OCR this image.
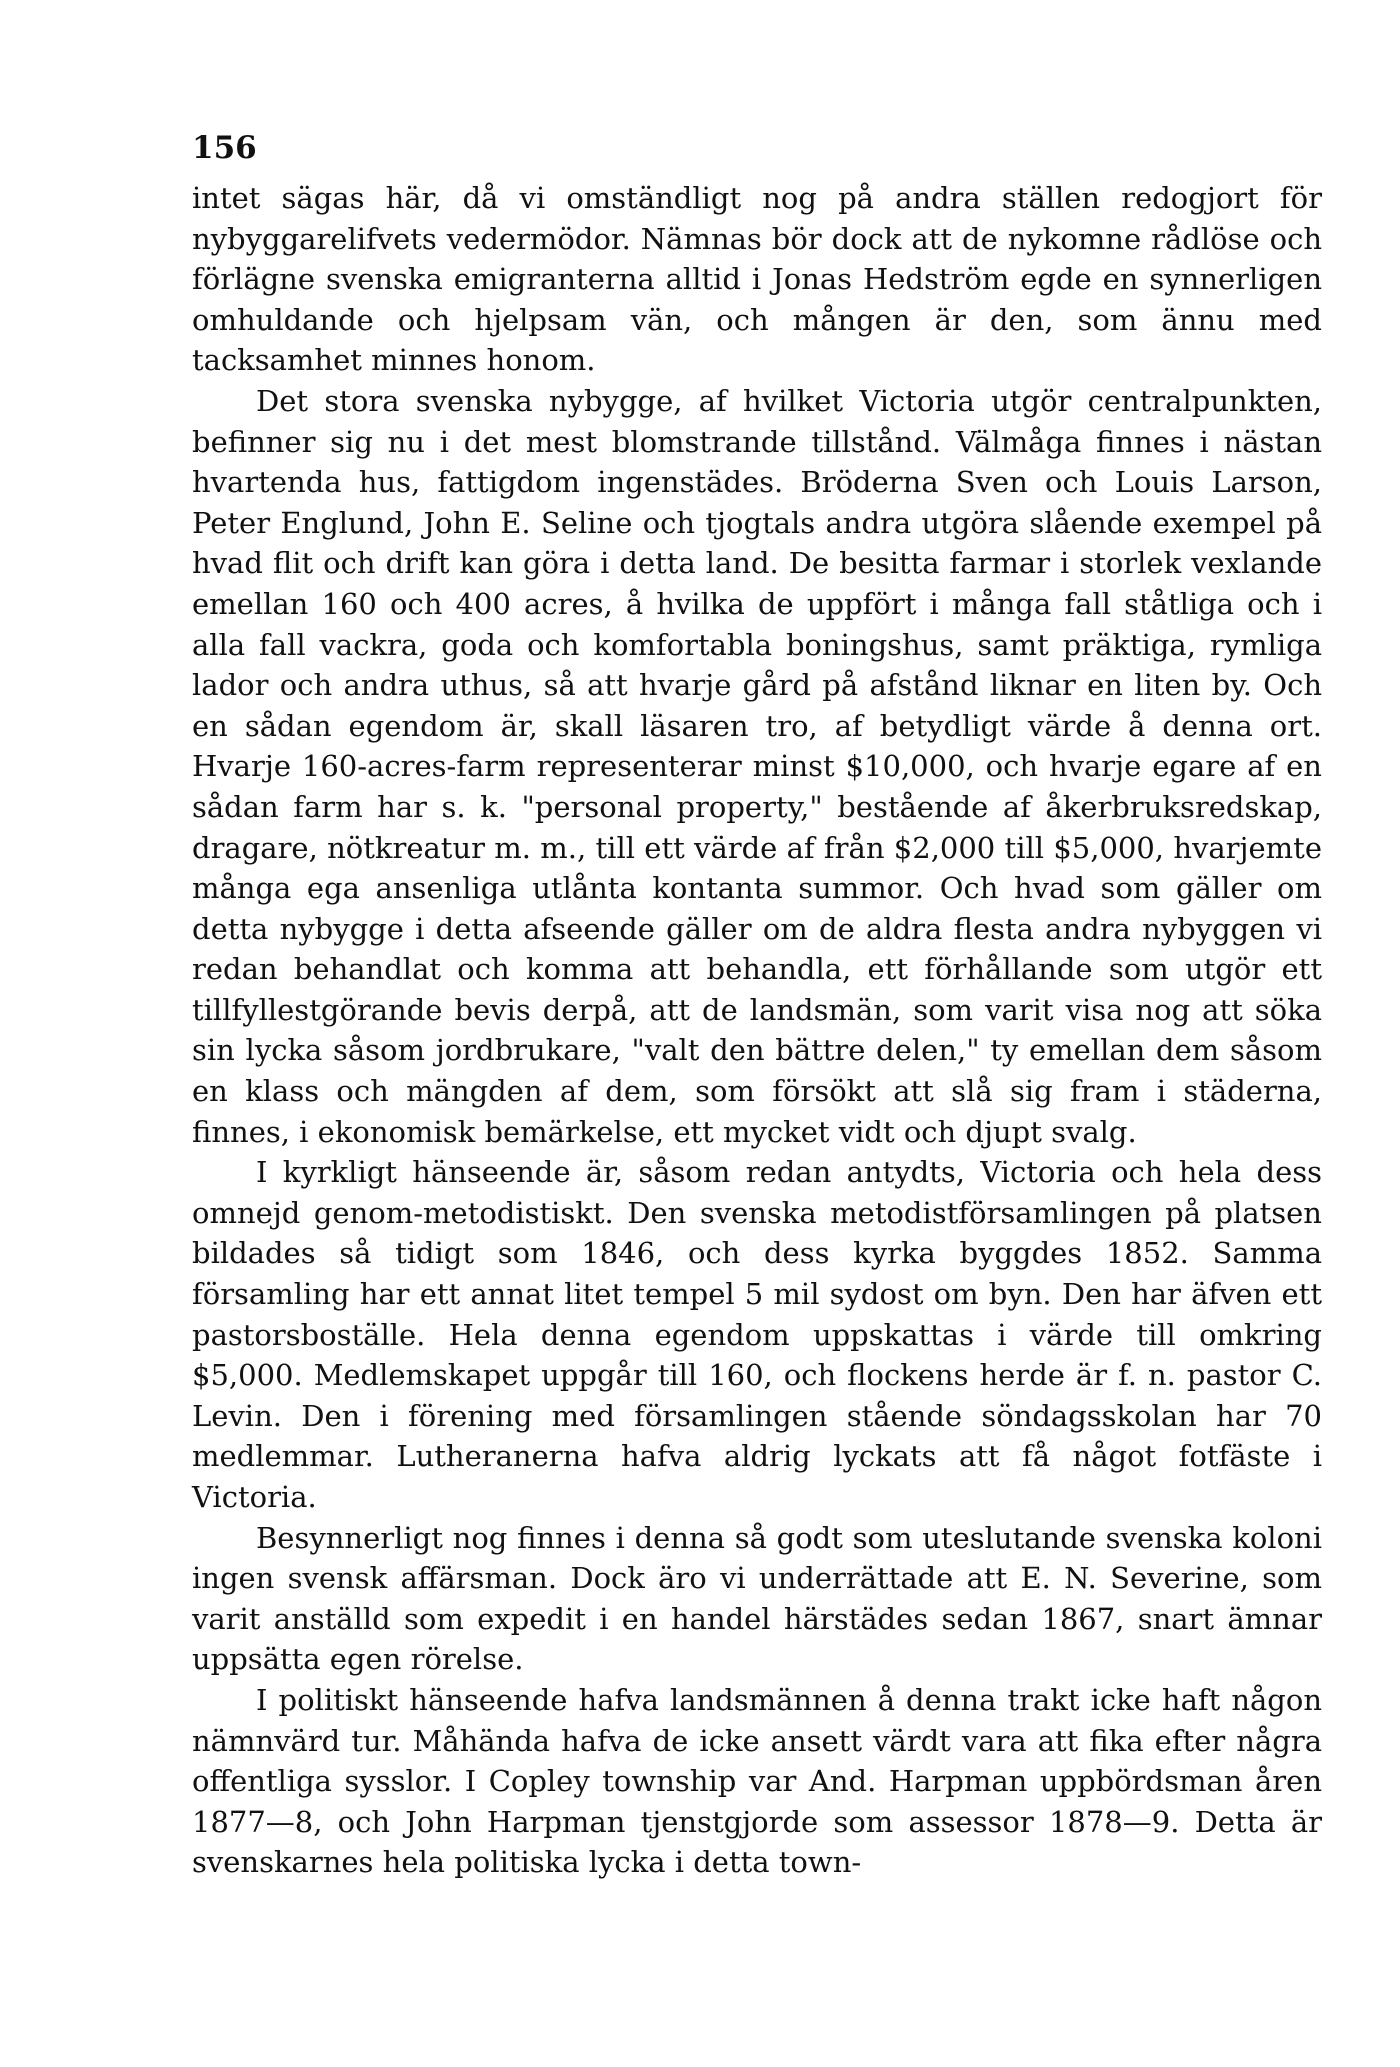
156

intet sägas här, då vi omständligt nog på andra ställen redogjort för nybyggarelifvets vedermödor. Nämnas bör dock att de nykomne rådlöse och förlägne svenska emigranterna alltid i Jonas Hedström egde en synnerligen omhuldande och hjelpsam vän, och mången är den, som ännu med tacksamhet minnes honom.

Det stora svenska nybygge, af hvilket Victoria utgör centralpunkten, befinner sig nu i det mest blomstrande tillstånd. Välmåga finnes i nästan hvartenda hus, fattigdom ingenstädes. Bröderna Sven och Louis Larson, Peter Englund, John E. Seline och tjogtals andra utgöra slående exempel på hvad flit och drift kan göra i detta land. De besitta farmar i storlek vexlande emellan 160 och 400 acres, å hvilka de uppfört i många fall ståtliga och i alla fall vackra, goda och komfortabla boningshus, samt präktiga, rymliga lador och andra uthus, så att hvarje gård på afstånd liknar en liten by. Och en sådan egendom är, skall läsaren tro, af betydligt värde å denna ort. Hvarje 160-acres-farm representerar minst $10,000, och hvarje egare af en sådan farm har s. k. "personal property," bestående af åkerbruksredskap, dragare, nötkreatur m. m., till ett värde af från $2,000 till $5,000, hvarjemte många ega ansenliga utlånta kontanta summor. Och hvad som gäller om detta nybygge i detta afseende gäller om de aldra flesta andra nybyggen vi redan behandlat och komma att behandla, ett förhållande som utgör ett tillfyllestgörande bevis derpå, att de landsmän, som varit visa nog att söka sin lycka såsom jordbrukare, "valt den bättre delen," ty emellan dem såsom en klass och mängden af dem, som försökt att slå sig fram i städerna, finnes, i ekonomisk bemärkelse, ett mycket vidt och djupt svalg.

I kyrkligt hänseende är, såsom redan antydts, Victoria och hela dess omnejd genom-metodistiskt. Den svenska metodistförsamlingen på platsen bildades så tidigt som 1846, och dess kyrka byggdes 1852. Samma församling har ett annat litet tempel 5 mil sydost om byn. Den har äfven ett pastorsboställe. Hela denna egendom uppskattas i värde till omkring $5,000. Medlemskapet uppgår till 160, och flockens herde är f. n. pastor C. Levin. Den i förening med församlingen stående söndagsskolan har 70 medlemmar. Lutheranerna hafva aldrig lyckats att få något fotfäste i Victoria.

Besynnerligt nog finnes i denna så godt som uteslutande svenska koloni ingen svensk affärsman. Dock äro vi underrättade att E. N. Severine, som varit anställd som expedit i en handel härstädes sedan 1867, snart ämnar uppsätta egen rörelse.

I politiskt hänseende hafva landsmännen å denna trakt icke haft någon nämnvärd tur. Måhända hafva de icke ansett värdt vara att fika efter några offentliga sysslor. I Copley township var And. Harpman uppbördsman åren 1877—8, och John Harpman tjenstgjorde som assessor 1878—9. Detta är svenskarnes hela politiska lycka i detta town-
